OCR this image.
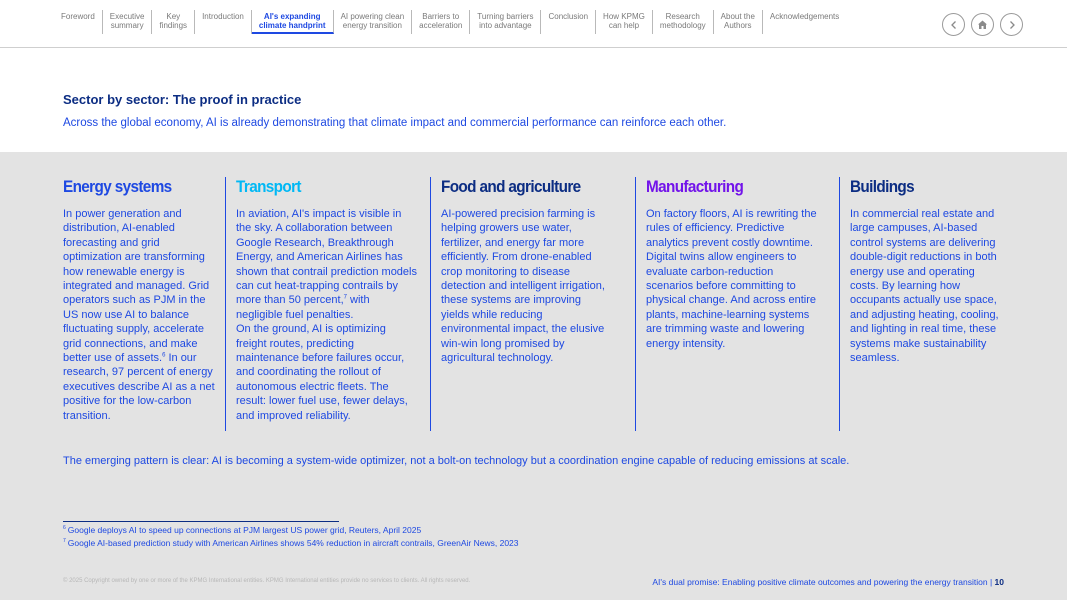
Foreword Executive
summary
Key
findings
Introduction	AI's expanding
climate handprint
AI powering clean
energy transition
Barriers to
acceleration
Turning barriers
into advantage
Conclusion How KPMG
can help
Research
methodology
About the
Authors
Acknowledgements
Sector by sector: The proof in practice

Across the global economy, AI is already demonstrating that climate impact and commercial performance can reinforce each other.

Energy systems

In power generation and distribution, AI-enabled forecasting and grid optimization are transforming how renewable energy is integrated and managed. Grid operators such as PJM in the US now use AI to balance fluctuating supply, accelerate grid connections, and make better use of assets.$^6$ In our research, 97 percent of energy executives describe AI as a net positive for the low-carbon transition.

Transport

In aviation, AI's impact is visible in the sky. A collaboration between Google Research, Breakthrough Energy, and American Airlines has shown that contrail prediction models can cut heat-trapping contrails by more than 50 percent,$^7$ with negligible fuel penalties.

On the ground, AI is optimizing freight routes, predicting maintenance before failures occur, and coordinating the rollout of autonomous electric fleets. The result: lower fuel use, fewer delays, and improved reliability.

Food and agriculture

AI-powered precision farming is helping growers use water, fertilizer, and energy far more efficiently. From drone-enabled crop monitoring to disease detection and intelligent irrigation, these systems are improving yields while reducing environmental impact, the elusive win-win long promised by agricultural technology.

Manufacturing

On factory floors, AI is rewriting the rules of efficiency. Predictive analytics prevent costly downtime. Digital twins allow engineers to evaluate carbon-reduction scenarios before committing to physical change. And across entire plants, machine-learning systems are trimming waste and lowering energy intensity.

Buildings

In commercial real estate and large campuses, AI-based control systems are delivering double-digit reductions in both energy use and operating costs. By learning how occupants actually use space, and adjusting heating, cooling, and lighting in real time, these systems make sustainability seamless.

The emerging pattern is clear: AI is becoming a system-wide optimizer, not a bolt-on technology but a coordination engine capable of reducing emissions at scale.

$^6$ Google deploys AI to speed up connections at PJM largest US power grid, Reuters, April 2025

$^7$ Google AI-based prediction study with American Airlines shows 54% reduction in aircraft contrails, GreenAir News, 2023

© 2025 Copyright owned by one or more of the KPMG International entities. KPMG International entities provide no services to clients. All rights reserved.	AI's dual promise: Enabling positive climate outcomes and powering the energy transition | 10
